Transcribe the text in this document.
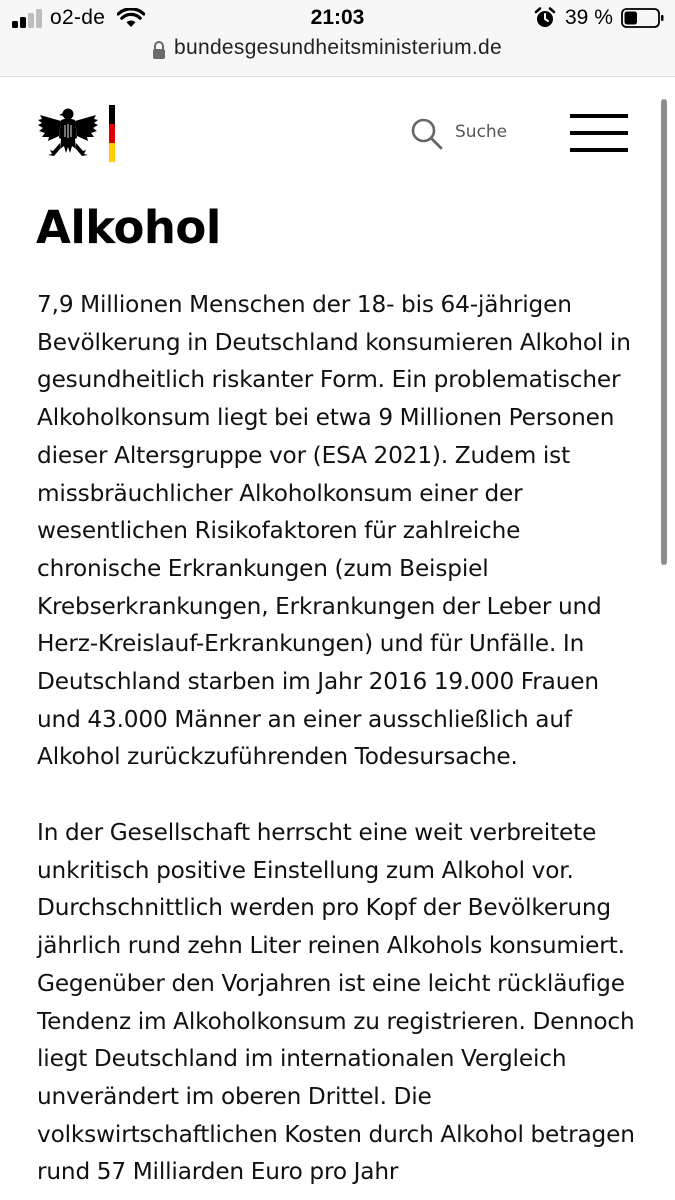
o2-de	21:03	39 %
bundesgesundheitsministerium.de
Suche
Alkohol

7,9 Millionen Menschen der 18- bis 64-jährigen Bevölkerung in Deutschland konsumieren Alkohol in gesundheitlich riskanter Form. Ein problematischer Alkoholkonsum liegt bei etwa 9 Millionen Personen dieser Altersgruppe vor (ESA 2021). Zudem ist missbräuchlicher Alkoholkonsum einer der wesentlichen Risikofaktoren für zahlreiche chronische Erkrankungen (zum Beispiel Krebserkrankungen, Erkrankungen der Leber und Herz-Kreislauf-Erkrankungen) und für Unfälle. In Deutschland starben im Jahr 2016 19.000 Frauen und 43.000 Männer an einer ausschließlich auf Alkohol zurückzuführenden Todesursache.

In der Gesellschaft herrscht eine weit verbreitete unkritisch positive Einstellung zum Alkohol vor. Durchschnittlich werden pro Kopf der Bevölkerung jährlich rund zehn Liter reinen Alkohols konsumiert. Gegenüber den Vorjahren ist eine leicht rückläufige Tendenz im Alkoholkonsum zu registrieren. Dennoch liegt Deutschland im internationalen Vergleich unverändert im oberen Drittel. Die volkswirtschaftlichen Kosten durch Alkohol betragen rund 57 Milliarden Euro pro Jahr
